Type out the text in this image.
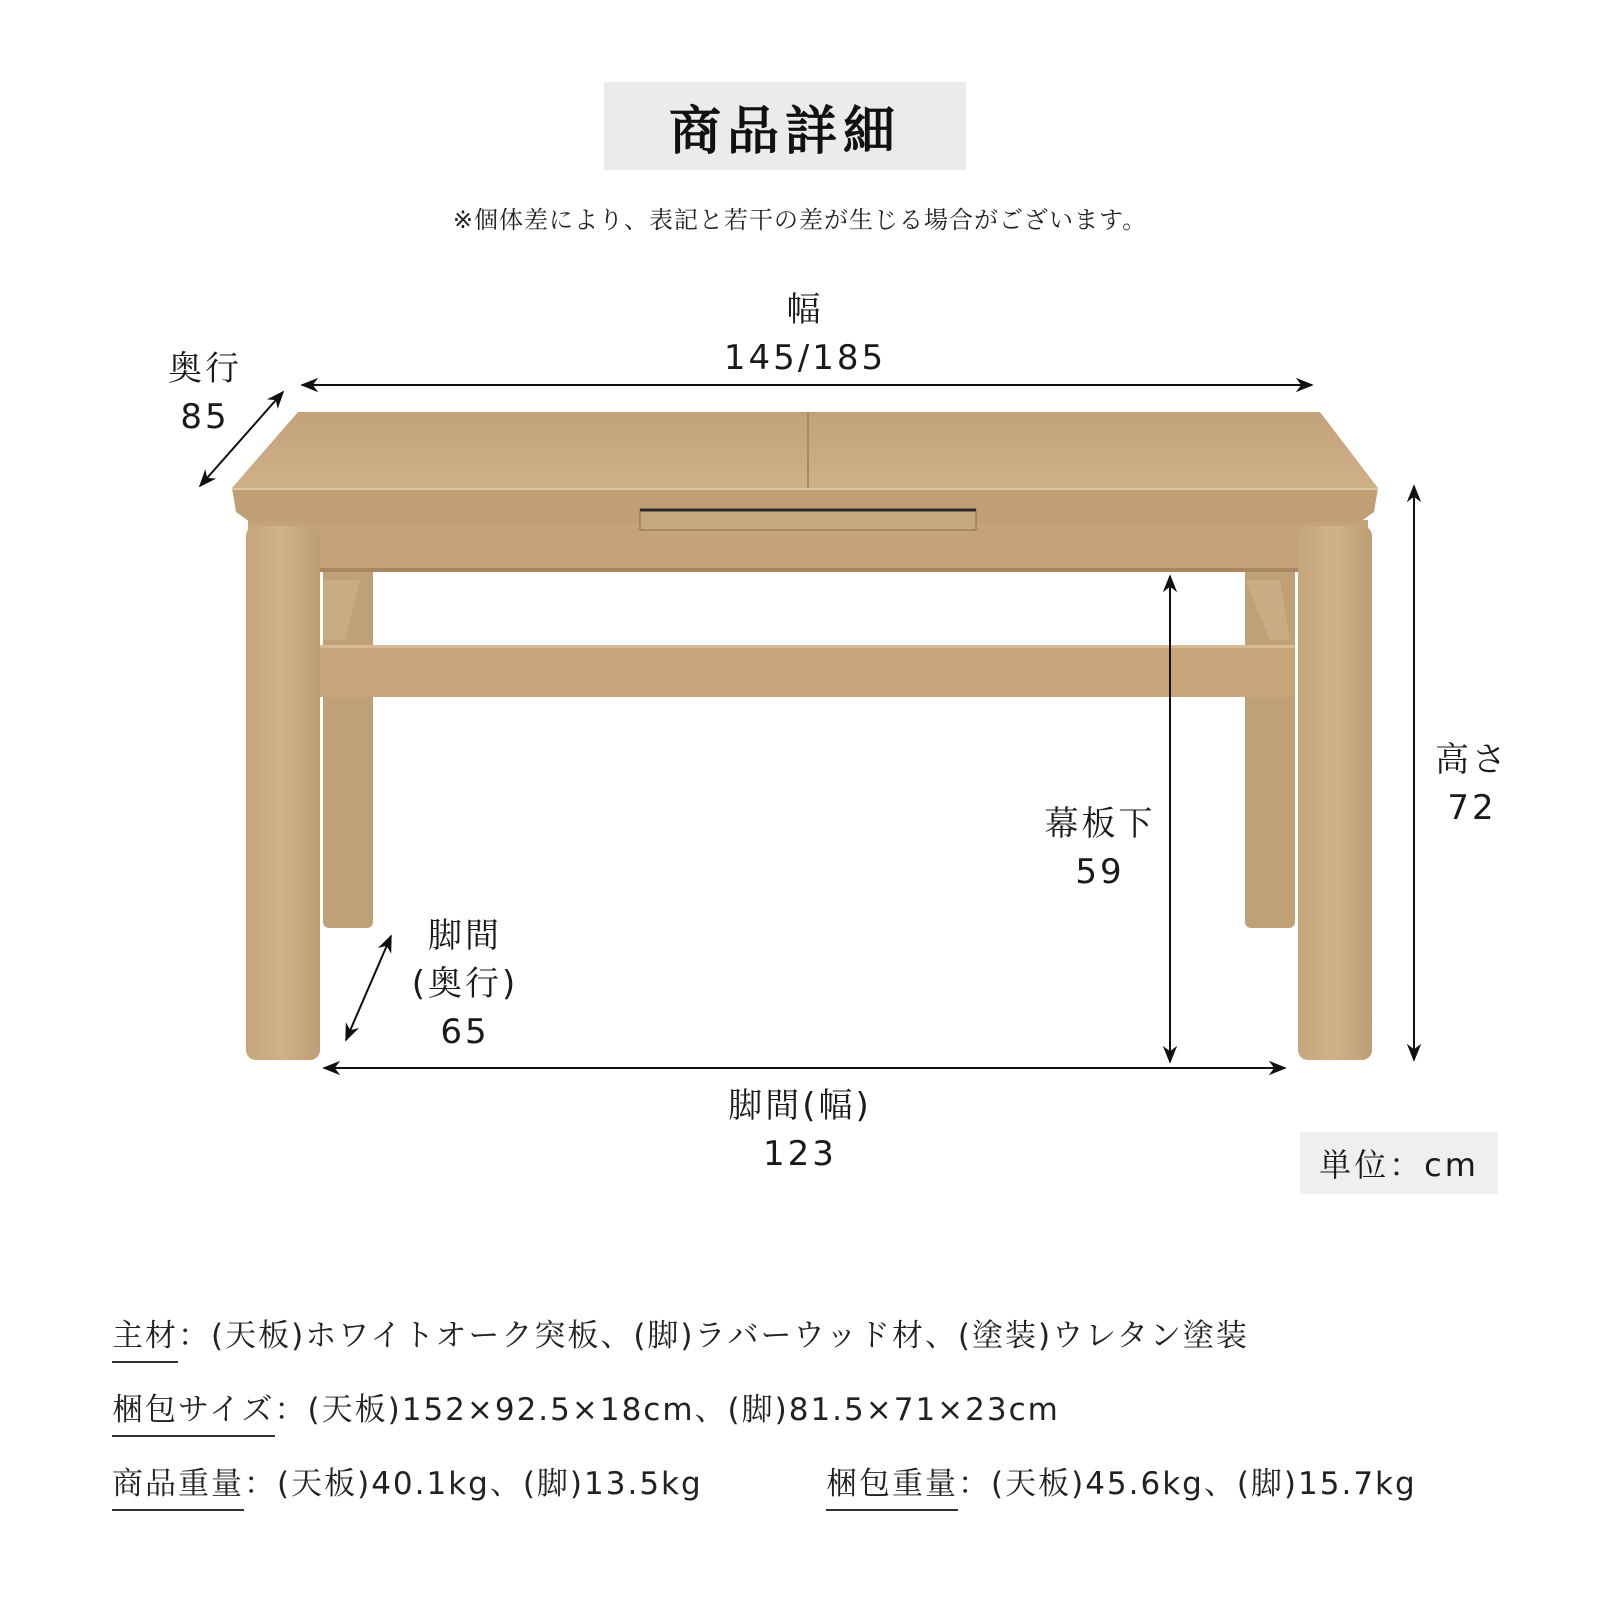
商品詳細
※個体差により、表記と若干の差が生じる場合がございます。
幅
145/185
奥行
85
高さ
72
幕板下
59
脚間
(奥行)
65
脚間(幅)
123	単位：cm
主材：(天板)ホワイトオーク突板、(脚)ラバーウッド材、(塗装)ウレタン塗装
梱包サイズ：(天板)152×92.5×18cm、(脚)81.5×71×23cm
商品重量：(天板)40.1kg、(脚)13.5kg	梱包重量：(天板)45.6kg、(脚)15.7kg
